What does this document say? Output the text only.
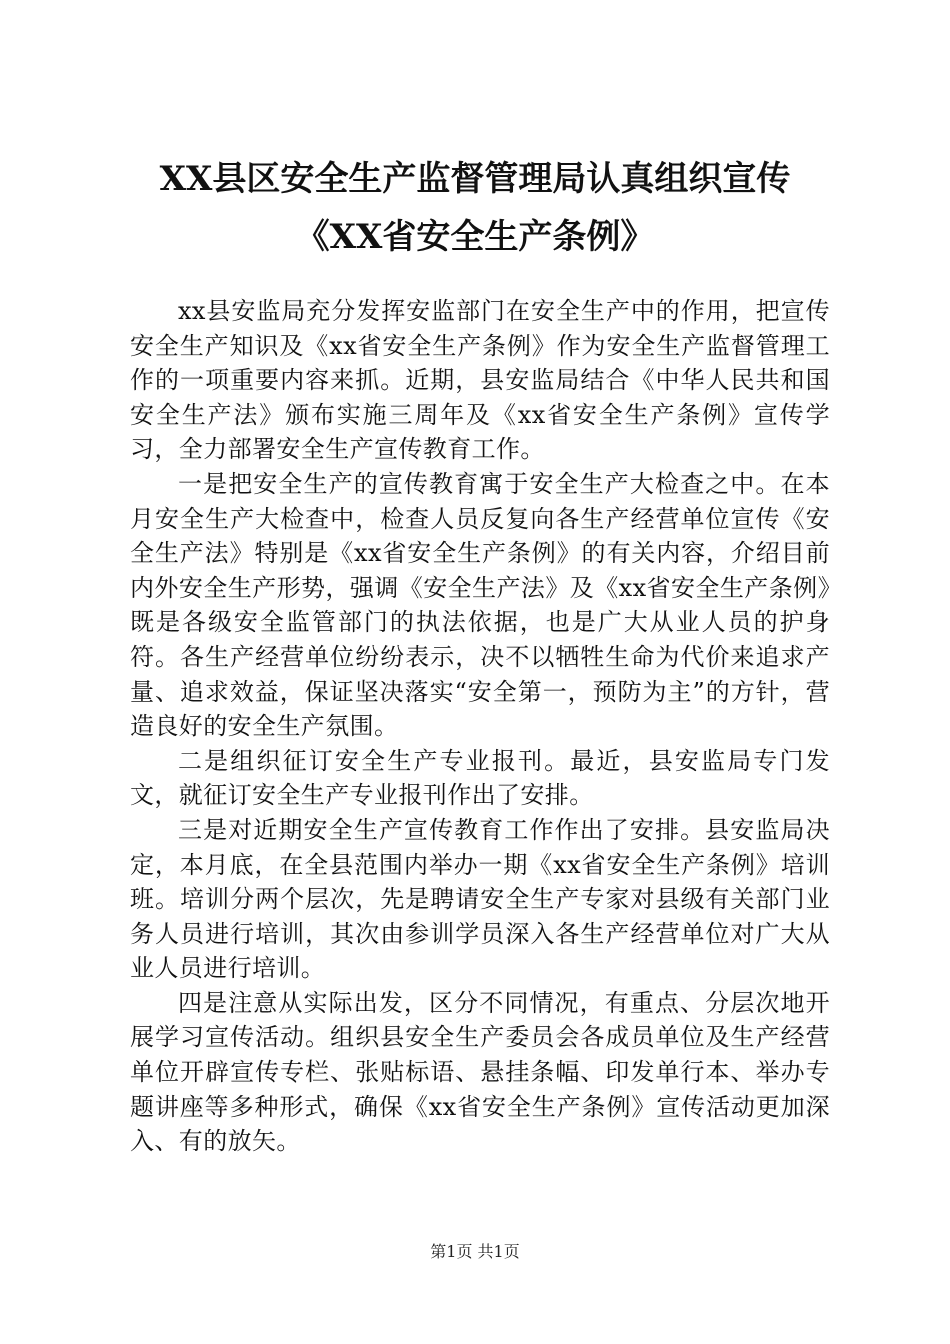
XX县区安全生产监督管理局认真组织宣传
《XX省安全生产条例》

xx县安监局充分发挥安监部门在安全生产中的作用，把宣传安全生产知识及《xx省安全生产条例》作为安全生产监督管理工作的一项重要内容来抓。近期，县安监局结合《中华人民共和国安全生产法》颁布实施三周年及《xx省安全生产条例》宣传学习，全力部署安全生产宣传教育工作。

一是把安全生产的宣传教育寓于安全生产大检查之中。在本月安全生产大检查中，检查人员反复向各生产经营单位宣传《安全生产法》特别是《xx省安全生产条例》的有关内容，介绍目前内外安全生产形势，强调《安全生产法》及《xx省安全生产条例》既是各级安全监管部门的执法依据，也是广大从业人员的护身符。各生产经营单位纷纷表示，决不以牺牲生命为代价来追求产量、追求效益，保证坚决落实“安全第一，预防为主”的方针，营造良好的安全生产氛围。

二是组织征订安全生产专业报刊。最近，县安监局专门发文，就征订安全生产专业报刊作出了安排。

三是对近期安全生产宣传教育工作作出了安排。县安监局决定，本月底，在全县范围内举办一期《xx省安全生产条例》培训班。培训分两个层次，先是聘请安全生产专家对县级有关部门业务人员进行培训，其次由参训学员深入各生产经营单位对广大从业人员进行培训。

四是注意从实际出发，区分不同情况，有重点、分层次地开展学习宣传活动。组织县安全生产委员会各成员单位及生产经营单位开辟宣传专栏、张贴标语、悬挂条幅、印发单行本、举办专题讲座等多种形式，确保《xx省安全生产条例》宣传活动更加深入、有的放矢。

第1页 共1页
